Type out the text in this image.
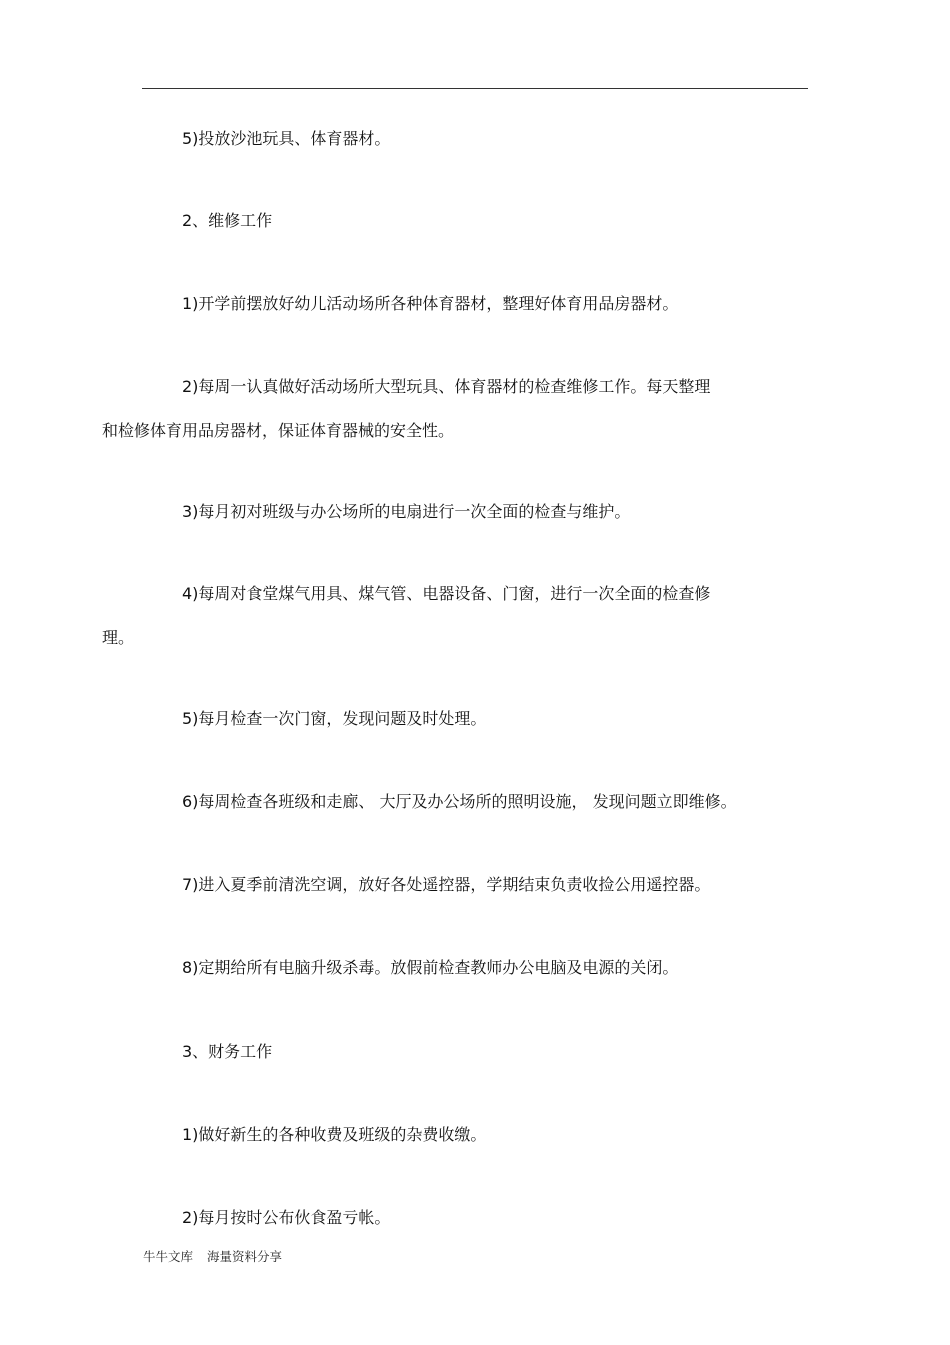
5)投放沙池玩具、体育器材。

2、维修工作

1)开学前摆放好幼儿活动场所各种体育器材，整理好体育用品房器材。

2)每周一认真做好活动场所大型玩具、体育器材的检查维修工作。每天整理
和检修体育用品房器材，保证体育器械的安全性。

3)每月初对班级与办公场所的电扇进行一次全面的检查与维护。

4)每周对食堂煤气用具、煤气管、电器设备、门窗，进行一次全面的检查修
理。

5)每月检查一次门窗，发现问题及时处理。

6)每周检查各班级和走廊、 大厅及办公场所的照明设施， 发现问题立即维修。

7)进入夏季前清洗空调，放好各处遥控器，学期结束负责收捡公用遥控器。

8)定期给所有电脑升级杀毒。放假前检查教师办公电脑及电源的关闭。

3、财务工作

1)做好新生的各种收费及班级的杂费收缴。

2)每月按时公布伙食盈亏帐。

牛牛文库 海量资料分享
